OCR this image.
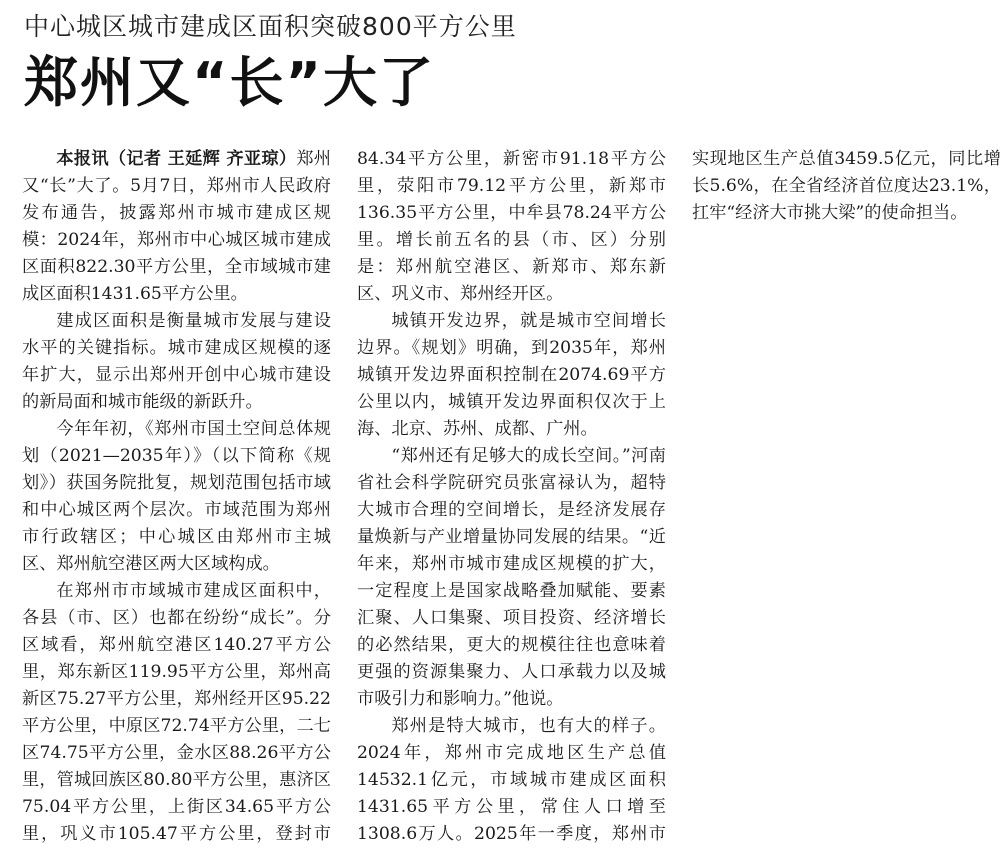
中心城区城市建成区面积突破800平方公里
郑州又“长”大了

本报讯（记者 王延辉 齐亚琼）郑州又“长”大了。5月7日，郑州市人民政府发布通告，披露郑州市城市建成区规模：2024年，郑州市中心城区城市建成区面积822.30平方公里，全市域城市建成区面积1431.65平方公里。

建成区面积是衡量城市发展与建设水平的关键指标。城市建成区规模的逐年扩大，显示出郑州开创中心城市建设的新局面和城市能级的新跃升。

今年年初，《郑州市国土空间总体规划（2021—2035年）》（以下简称《规划》）获国务院批复，规划范围包括市域和中心城区两个层次。市域范围为郑州市行政辖区；中心城区由郑州市主城区、郑州航空港区两大区域构成。

在郑州市市域城市建成区面积中，各县（市、区）也都在纷纷“成长”。分区域看，郑州航空港区140.27平方公里，郑东新区119.95平方公里，郑州高新区75.27平方公里，郑州经开区95.22平方公里，中原区72.74平方公里，二七区74.75平方公里，金水区88.26平方公里，管城回族区80.80平方公里，惠济区75.04平方公里，上街区34.65平方公里，巩义市105.47平方公里，登封市84.34平方公里，新密市91.18平方公里，荥阳市79.12平方公里，新郑市136.35平方公里，中牟县78.24平方公里。增长前五名的县（市、区）分别是：郑州航空港区、新郑市、郑东新区、巩义市、郑州经开区。

城镇开发边界，就是城市空间增长边界。《规划》明确，到2035年，郑州城镇开发边界面积控制在2074.69平方公里以内，城镇开发边界面积仅次于上海、北京、苏州、成都、广州。

“郑州还有足够大的成长空间。”河南省社会科学院研究员张富禄认为，超特大城市合理的空间增长，是经济发展存量焕新与产业增量协同发展的结果。“近年来，郑州市城市建成区规模的扩大，一定程度上是国家战略叠加赋能、要素汇聚、人口集聚、项目投资、经济增长的必然结果，更大的规模往往也意味着更强的资源集聚力、人口承载力以及城市吸引力和影响力。”他说。

郑州是特大城市，也有大的样子。2024年，郑州市完成地区生产总值14532.1亿元，市域城市建成区面积1431.65平方公里，常住人口增至1308.6万人。2025年一季度，郑州市实现地区生产总值3459.5亿元，同比增长5.6%，在全省经济首位度达23.1%，扛牢“经济大市挑大梁”的使命担当。
